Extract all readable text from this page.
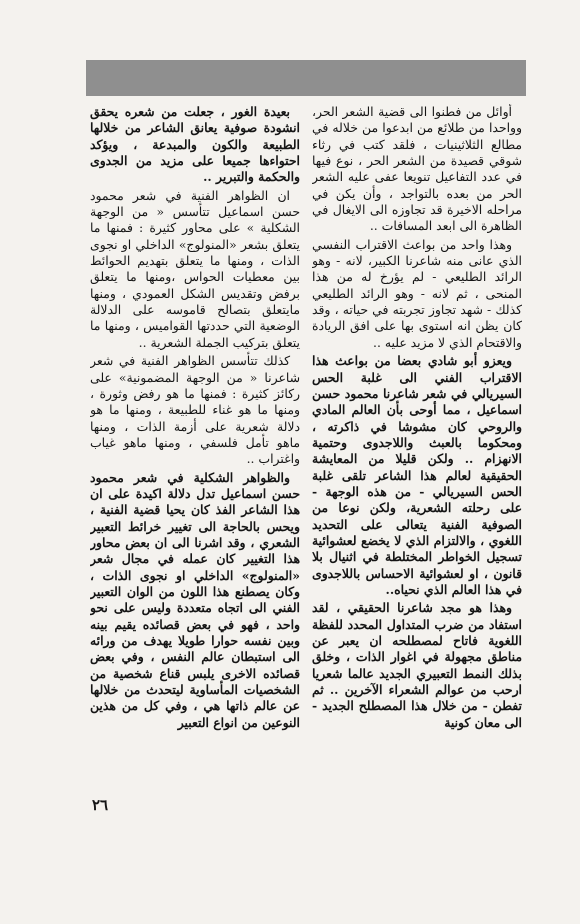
أوائل من فطنوا الى قضية الشعر الحر، وواحدا من طلائع من ابدعوا من خلاله في مطالع الثلاثينيات ، فلقد كتب في رثاء شوقي قصيدة من الشعر الحر ، نوع فيها في عدد التفاعيل تنويعا عفى عليه الشعر الحر من بعده بالتواجد ، وأن يكن في مراحله الاخيرة قد تجاوزه الى الايغال في الظاهرة الى ابعد المسافات ..

وهذا واحد من بواعث الاقتراب النفسي الذي عانى منه شاعرنا الكبير، لانه - وهو الرائد الطليعي - لم يؤرخ له من هذا المنحى ، ثم لانه - وهو الرائد الطليعي كذلك - شهد تجاوز تجربته في حياته ، وقد كان يظن انه استوى بها على افق الريادة والاقتحام الذي لا مزيد عليه ..

ويعزو أبو شادي بعضا من بواعث هذا الاقتراب الفني الى غلبة الحس السيريالي في شعر شاعرنا محمود حسن اسماعيل ، مما أوحى بأن العالم المادي والروحي كان مشوشا في ذاكرته ، ومحكوما بالعبث واللاجدوى وحتمية الانهزام .. ولكن قليلا من المعايشة الحقيقية لعالم هذا الشاعر تلقى غلبة الحس السيريالي - من هذه الوجهة - على رحلته الشعرية، ولكن نوعا من الصوفية الفنية يتعالى على التحديد اللغوي ، والالتزام الذي لا يخضع لعشوائية تسجيل الخواطر المختلطة في اثنيال بلا قانون ، او لعشوائية الاحساس باللاجدوى في هذا العالم الذي نحياه..

وهذا هو مجد شاعرنا الحقيقي ، لقد استفاد من ضرب المتداول المحدد للفظة اللغوية فاتاح لمصطلحه ان يعبر عن مناطق مجهولة في اغوار الذات ، وخلق بذلك النمط التعبيري الجديد عالما شعريا ارحب من عوالم الشعراء الآخرين .. ثم تفطن - من خلال هذا المصطلح الجديد - الى معان كونية

بعيدة الغور ، جعلت من شعره يحقق انشودة صوفية يعانق الشاعر من خلالها الطبيعة والكون والمبدعة ، ويؤكد احتواءها جميعا على مزيد من الجدوى والحكمة والتبرير ..

ان الظواهر الفنية في شعر محمود حسن اسماعيل تتأسس « من الوجهة الشكلية » على محاور كثيرة : فمنها ما يتعلق بشعر «المنولوج» الداخلي او نجوى الذات ، ومنها ما يتعلق بتهديم الحوائط بين معطيات الحواس ،ومنها ما يتعلق برفض وتقديس الشكل العمودي ، ومنها مايتعلق بتصالح قاموسه على الدلالة الوضعية التي حددتها القواميس ، ومنها ما يتعلق بتركيب الجملة الشعرية ..

كذلك تتأسس الظواهر الفنية في شعر شاعرنا « من الوجهة المضمونية» على ركائز كثيرة : فمنها ما هو رفض وثورة ، ومنها ما هو غناء للطبيعة ، ومنها ما هو دلالة شعرية على أزمة الذات ، ومنها ماهو تأمل فلسفي ، ومنها ماهو غياب واغتراب ..

والظواهر الشكلية في شعر محمود حسن اسماعيل تدل دلالة اكيدة على ان هذا الشاعر الفذ كان يحيا قضية الفنية ، ويحس بالحاجة الى تغيير خرائط التعبير الشعري ، وقد اشرنا الى ان بعض محاور هذا التغيير كان عمله في مجال شعر «المنولوج» الداخلي او نجوى الذات ، وكان يصطنع هذا اللون من الوان التعبير الفني الى اتجاه متعددة وليس على نحو واحد ، فهو في بعض قصائده يقيم بينه وبين نفسه حوارا طويلا يهدف من ورائه الى استبطان عالم النفس ، وفي بعض قصائده الاخرى يلبس قناع شخصية من الشخصيات المأساوية ليتحدث من خلالها عن عالم ذاتها هي ، وفي كل من هذين النوعين من انواع التعبير

٢٦
